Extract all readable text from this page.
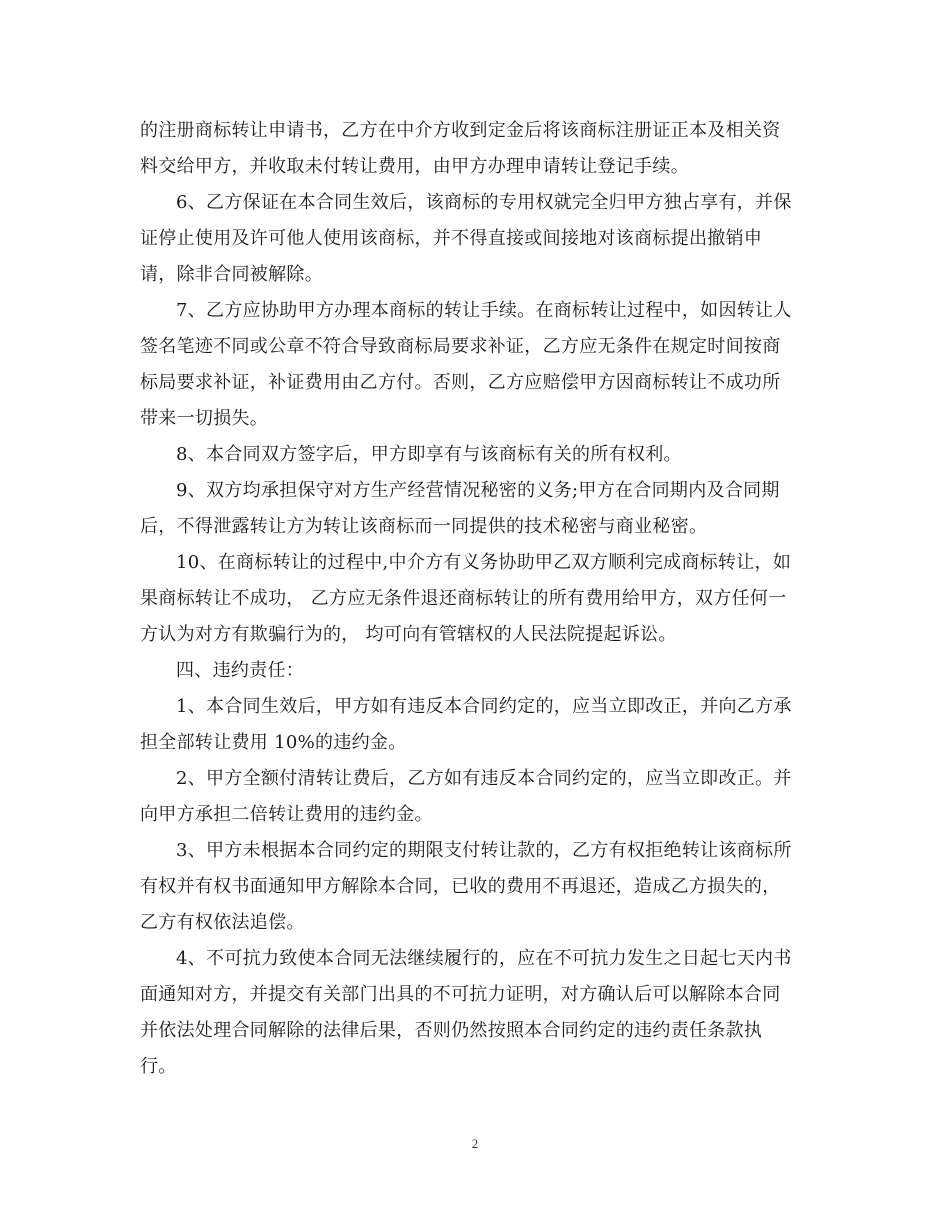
的注册商标转让申请书，乙方在中介方收到定金后将该商标注册证正本及相关资
料交给甲方，并收取未付转让费用，由甲方办理申请转让登记手续。

6、乙方保证在本合同生效后，该商标的专用权就完全归甲方独占享有，并保
证停止使用及许可他人使用该商标，并不得直接或间接地对该商标提出撤销申
请，除非合同被解除。

7、乙方应协助甲方办理本商标的转让手续。在商标转让过程中，如因转让人
签名笔迹不同或公章不符合导致商标局要求补证，乙方应无条件在规定时间按商
标局要求补证，补证费用由乙方付。否则，乙方应赔偿甲方因商标转让不成功所
带来一切损失。

8、本合同双方签字后，甲方即享有与该商标有关的所有权利。

9、双方均承担保守对方生产经营情况秘密的义务;甲方在合同期内及合同期
后，不得泄露转让方为转让该商标而一同提供的技术秘密与商业秘密。

10、在商标转让的过程中,中介方有义务协助甲乙双方顺利完成商标转让，如
果商标转让不成功， 乙方应无条件退还商标转让的所有费用给甲方，双方任何一
方认为对方有欺骗行为的， 均可向有管辖权的人民法院提起诉讼。

四、违约责任：

1、本合同生效后，甲方如有违反本合同约定的，应当立即改正，并向乙方承
担全部转让费用 10%的违约金。

2、甲方全额付清转让费后，乙方如有违反本合同约定的，应当立即改正。并
向甲方承担二倍转让费用的违约金。

3、甲方未根据本合同约定的期限支付转让款的，乙方有权拒绝转让该商标所
有权并有权书面通知甲方解除本合同，已收的费用不再退还，造成乙方损失的，
乙方有权依法追偿。

4、不可抗力致使本合同无法继续履行的，应在不可抗力发生之日起七天内书
面通知对方，并提交有关部门出具的不可抗力证明，对方确认后可以解除本合同
并依法处理合同解除的法律后果，否则仍然按照本合同约定的违约责任条款执
行。

2
